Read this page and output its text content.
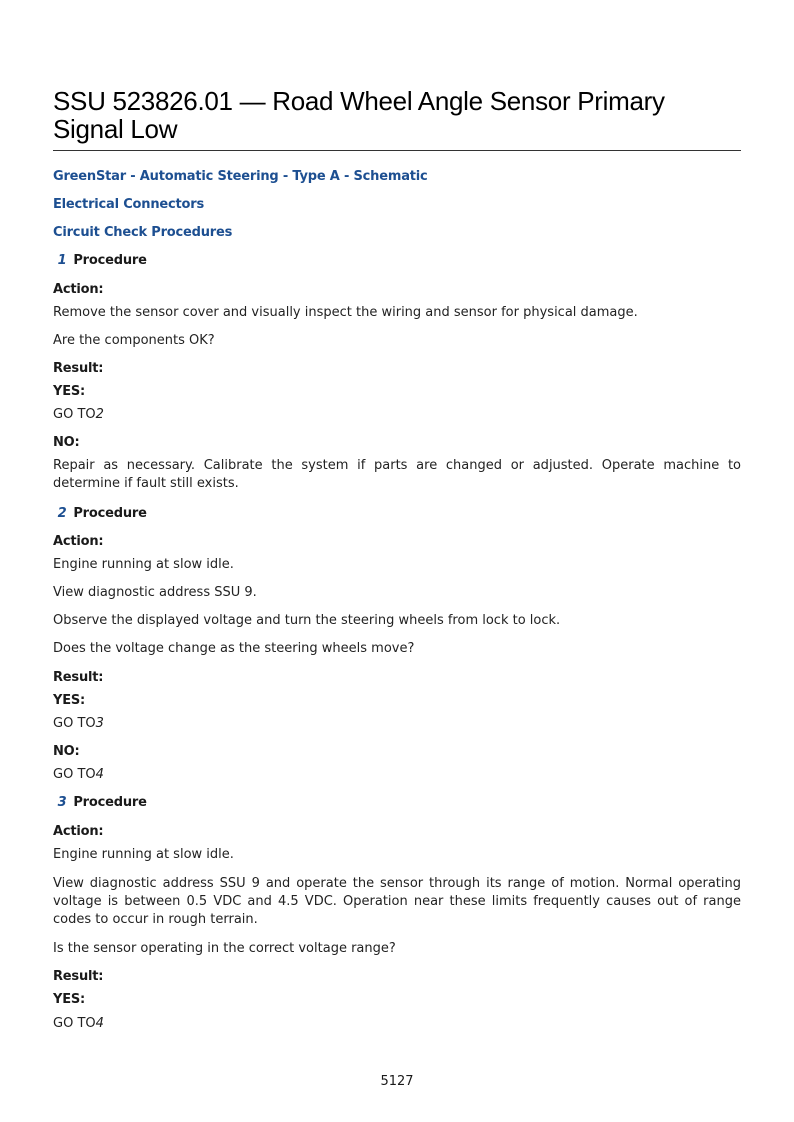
SSU 523826.01 — Road Wheel Angle Sensor Primary Signal Low
GreenStar - Automatic Steering - Type A - Schematic
Electrical Connectors
Circuit Check Procedures
1 Procedure
Action:
Remove the sensor cover and visually inspect the wiring and sensor for physical damage.
Are the components OK?
Result:
YES:
GO TO2
NO:
Repair as necessary. Calibrate the system if parts are changed or adjusted. Operate machine to determine if fault still exists.
2 Procedure
Action:
Engine running at slow idle.
View diagnostic address SSU 9.
Observe the displayed voltage and turn the steering wheels from lock to lock.
Does the voltage change as the steering wheels move?
Result:
YES:
GO TO3
NO:
GO TO4
3 Procedure
Action:
Engine running at slow idle.
View diagnostic address SSU 9 and operate the sensor through its range of motion. Normal operating voltage is between 0.5 VDC and 4.5 VDC. Operation near these limits frequently causes out of range codes to occur in rough terrain.
Is the sensor operating in the correct voltage range?
Result:
YES:
GO TO4
5127
